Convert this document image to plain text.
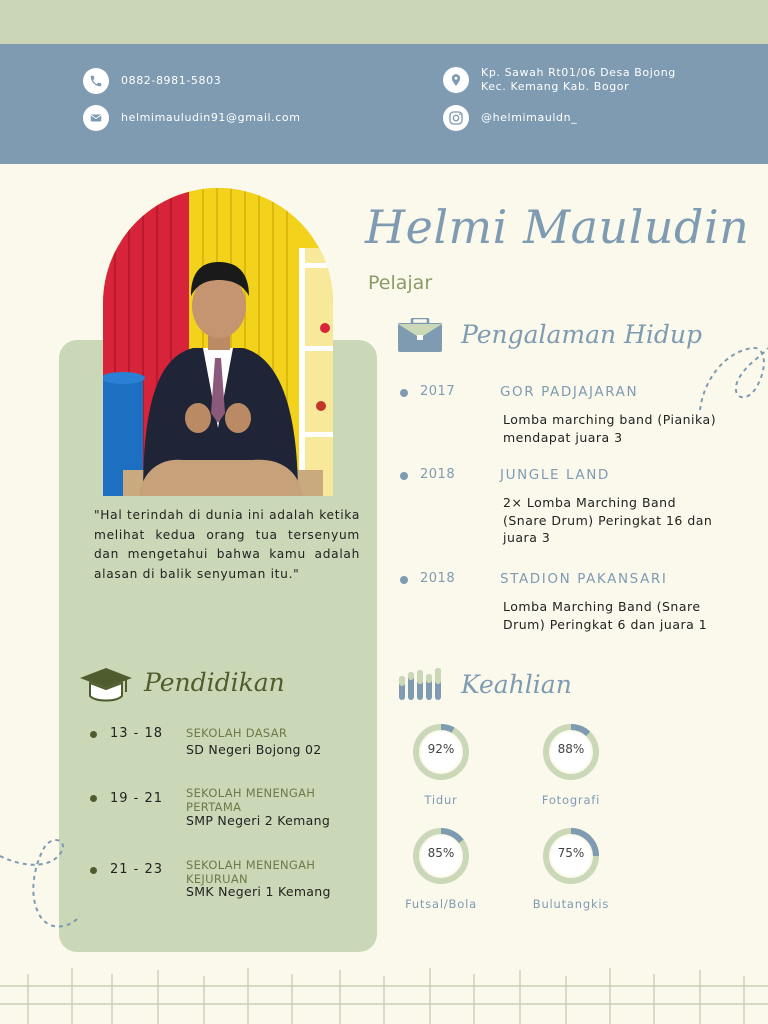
0882-8981-5803
helmimauludin91@gmail.com
Kp. Sawah Rt01/06 Desa Bojong Kec. Kemang Kab. Bogor
@helmimauldn_

"Hal terindah di dunia ini adalah ketika melihat kedua orang tua tersenyum dan mengetahui bahwa kamu adalah alasan di balik senyuman itu."

Helmi Mauludin
Pelajar
Pengalaman Hidup
2017	GOR PADJAJARAN
Lomba marching band (Pianika) mendapat juara 3
2018	JUNGLE LAND
2× Lomba Marching Band (Snare Drum) Peringkat 16 dan juara 3
2018	STADION PAKANSARI
Lomba Marching Band (Snare Drum) Peringkat 6 dan juara 1
Pendidikan
13 - 18 SEKOLAH DASAR
SD Negeri Bojong 02
19 - 21 SEKOLAH MENENGAH PERTAMA
SMP Negeri 2 Kemang
21 - 23 SEKOLAH MENENGAH KEJURUAN
SMK Negeri 1 Kemang
Keahlian
92%
Tidur
88%
Fotografi
85%
Futsal/Bola
75%
Bulutangkis
